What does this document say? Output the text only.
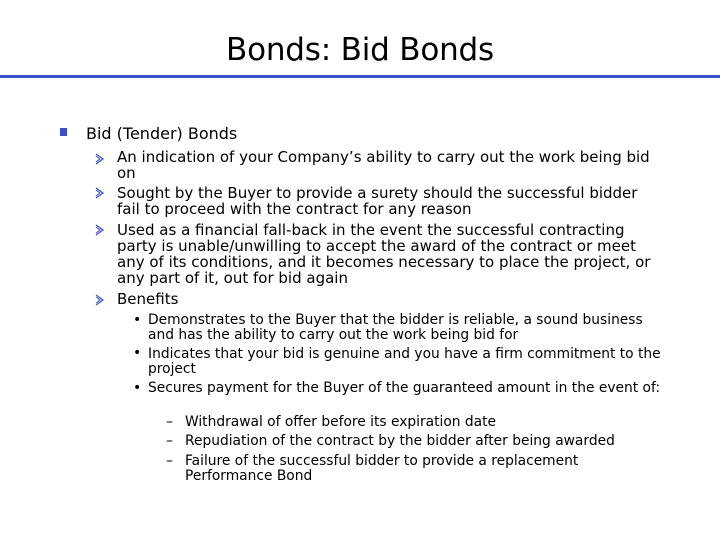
Bonds: Bid Bonds
Bid (Tender) Bonds
An indication of your Company’s ability to carry out the work being bid on
Sought by the Buyer to provide a surety should the successful bidder fail to proceed with the contract for any reason
Used as a financial fall-back in the event the successful contracting party is unable/unwilling to accept the award of the contract or meet any of its conditions, and it becomes necessary to place the project, or any part of it, out for bid again
Benefits
• Demonstrates to the Buyer that the bidder is reliable, a sound business and has the ability to carry out the work being bid for
• Indicates that your bid is genuine and you have a firm commitment to the project
• Secures payment for the Buyer of the guaranteed amount in the event of:
– Withdrawal of offer before its expiration date
– Repudiation of the contract by the bidder after being awarded
– Failure of the successful bidder to provide a replacement Performance Bond
